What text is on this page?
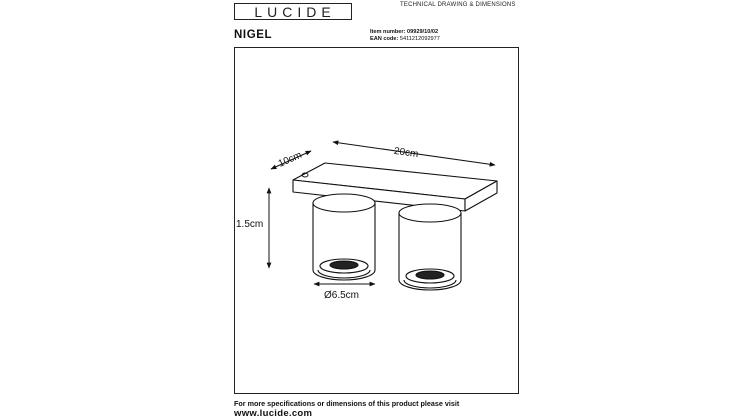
LUCIDE	TECHNICAL DRAWING & DIMENSIONS
NIGEL	Item number: 09929/10/02
EAN code: 5411212092977
20cm
10cm
1.5cm
Ø6.5cm
For more specifications or dimensions of this product please visit
www.lucide.com
